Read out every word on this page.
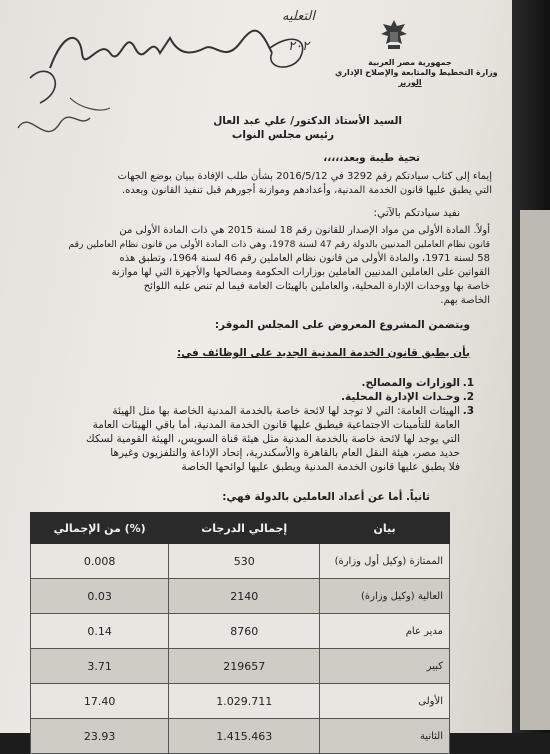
التعليه
٢٠٢
جمهورية مصر العربية
وزارة التخطيط والمتابعة والإصلاح الإداري
الوزير
السيد الأستاذ الدكتور/ علي عبد العال
رئيس مجلس النواب
تحية طيبة وبعد،،،،،
إيماء إلى كتاب سيادتكم رقم 3292 في 2016/5/12 بشأن طلب الإفادة ببيان بوضع الجهات
التي يطبق عليها قانون الخدمة المدنية، وأعدادهم وموازنة أجورهم قبل تنفيذ القانون وبعده.
نفيد سيادتكم بالآتي:
أولاً. المادة الأولى من مواد الإصدار للقانون رقم 18 لسنة 2015 هي ذات المادة الأولى من
قانون نظام العاملين المدنيين بالدولة رقم 47 لسنة 1978، وهي ذات المادة الأولى من قانون نظام العاملين رقم
58 لسنة 1971، والمادة الأولى من قانون نظام العاملين رقم 46 لسنة 1964، وتطبق هذه
القوانين على العاملين المدنيين العاملين بوزارات الحكومة ومصالحها والأجهزة التي لها موازنة
خاصة بها ووحدات الإدارة المحلية، والعاملين بالهيئات العامة فيما لم تنص عليه اللوائح
الخاصة بهم.
ويتضمن المشروع المعروض على المجلس الموقر:
بأن يطبق قانون الخدمة المدنية الجديد على الوظائف في:
1.الوزارات والمصالح.
2.وحـدات الإدارة المحلية.
3.الهيئات العامة: التي لا توجد لها لائحة خاصة بالخدمة المدنية الخاصة بها مثل الهيئة
العامة للتأمينات الاجتماعية فيطبق عليها قانون الخدمة المدنية، أما باقي الهيئات العامة
التي يوجد لها لائحة خاصة بالخدمة المدنية مثل هيئة قناة السويس، الهيئة القومية لسكك
حديد مصر، هيئة النقل العام بالقاهرة والأسكندرية، إتحاد الإذاعة والتلفزيون وغيرها
فلا يطبق عليها قانون الخدمة المدنية ويطبق عليها لوائحها الخاصة
ثانياً. أما عن أعداد العاملين بالدولة فهي:
بيان	إجمالي الدرجات	(%) من الإجمالي
الممتازة (وكيل أول وزارة)	530	0.008
العالية (وكيل وزارة)	2140	0.03
مدير عام	8760	0.14
كبير	219657	3.71
الأولى	1.029.711	17.40
الثانية	1.415.463	23.93
